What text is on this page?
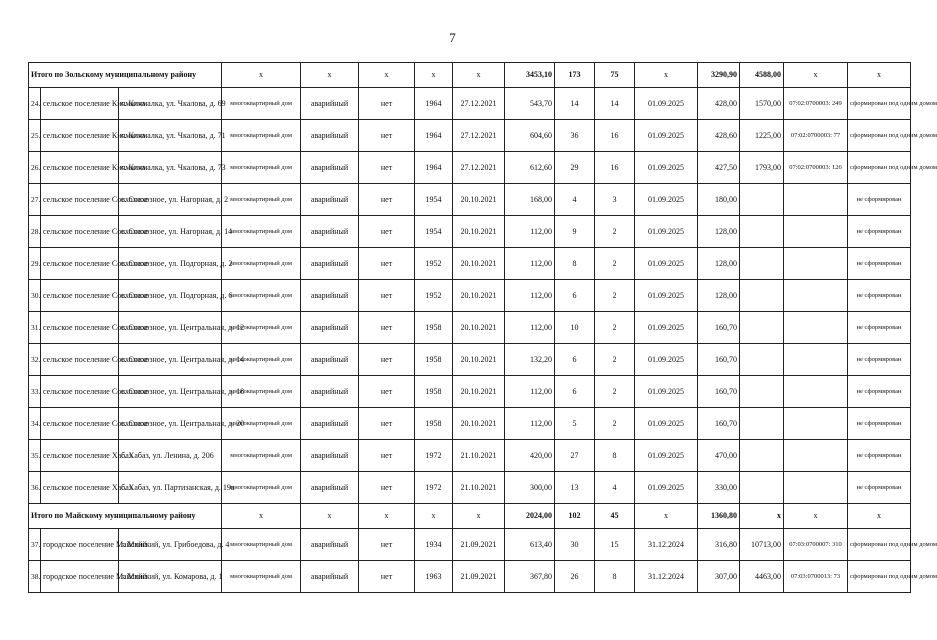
7
Итого по Зольскому муниципальному району			х	х	х	х	х	3453,10	173	75	х	3290,90	4588,00	х	х
24.	сельское поселение Кичмалка	с. Кичмалка, ул. Чкалова, д. 69	многоквартирный дом	аварийный	нет	1964	27.12.2021	543,70	14	14	01.09.2025	428,00	1570,00	07:02:0700003: 249	сформирован под одним домом
25.	сельское поселение Кичмалка	с. Кичмалка, ул. Чкалова, д. 71	многоквартирный дом	аварийный	нет	1964	27.12.2021	604,60	36	16	01.09.2025	428,60	1225,00	07:02:0700003: 77	сформирован под одним домом
26.	сельское поселение Кичмалка	с. Кичмалка, ул. Чкалова, д. 73	многоквартирный дом	аварийный	нет	1964	27.12.2021	612,60	29	16	01.09.2025	427,50	1793,00	07:02:0700003: 126	сформирован под одним домом
27.	сельское поселение Совхозное	с. Совхозное, ул. Нагорная, д. 2	многоквартирный дом	аварийный	нет	1954	20.10.2021	168,00	4	3	01.09.2025	180,00			не сформирован
28.	сельское поселение Совхозное	с. Совхозное, ул. Нагорная, д. 14	многоквартирный дом	аварийный	нет	1954	20.10.2021	112,00	9	2	01.09.2025	128,00			не сформирован
29.	сельское поселение Совхозное	с. Совхозное, ул. Подгорная, д. 2	многоквартирный дом	аварийный	нет	1952	20.10.2021	112,00	8	2	01.09.2025	128,00			не сформирован
30.	сельское поселение Совхозное	с. Совхозное, ул. Подгорная, д. 6	многоквартирный дом	аварийный	нет	1952	20.10.2021	112,00	6	2	01.09.2025	128,00			не сформирован
31.	сельское поселение Совхозное	с. Совхозное, ул. Центральная, д. 12	многоквартирный дом	аварийный	нет	1958	20.10.2021	112,00	10	2	01.09.2025	160,70			не сформирован
32.	сельское поселение Совхозное	с. Совхозное, ул. Центральная, д. 14	многоквартирный дом	аварийный	нет	1958	20.10.2021	132,20	6	2	01.09.2025	160,70			не сформирован
33.	сельское поселение Совхозное	с. Совхозное, ул. Центральная, д. 18	многоквартирный дом	аварийный	нет	1958	20.10.2021	112,00	6	2	01.09.2025	160,70			не сформирован
34.	сельское поселение Совхозное	с. Совхозное, ул. Центральная, д. 20	многоквартирный дом	аварийный	нет	1958	20.10.2021	112,00	5	2	01.09.2025	160,70			не сформирован
35.	сельское поселение Хабаз	с. Хабаз, ул. Ленина, д. 206	многоквартирный дом	аварийный	нет	1972	21.10.2021	420,00	27	8	01.09.2025	470,00			не сформирован
36.	сельское поселение Хабаз	с. Хабаз, ул. Партизанская, д. 19а	многоквартирный дом	аварийный	нет	1972	21.10.2021	300,00	13	4	01.09.2025	330,00			не сформирован
Итого по Майскому муниципальному району			х	х	х	х	х	2024,00	102	45	х	1360,80	х	х	х
37.	городское поселение Майский	г. Майский, ул. Грибоедова, д. 4	многоквартирный дом	аварийный	нет	1934	21.09.2021	613,40	30	15	31.12.2024	316,80	10713,00	07:03:0700007: 310	сформирован под одним домом
38.	городское поселение Майский	г. Майский, ул. Комарова, д. 1	многоквартирный дом	аварийный	нет	1963	21.09.2021	367,80	26	8	31.12.2024	307,00	4463,00	07:03:0700013: 73	сформирован под одним домом
